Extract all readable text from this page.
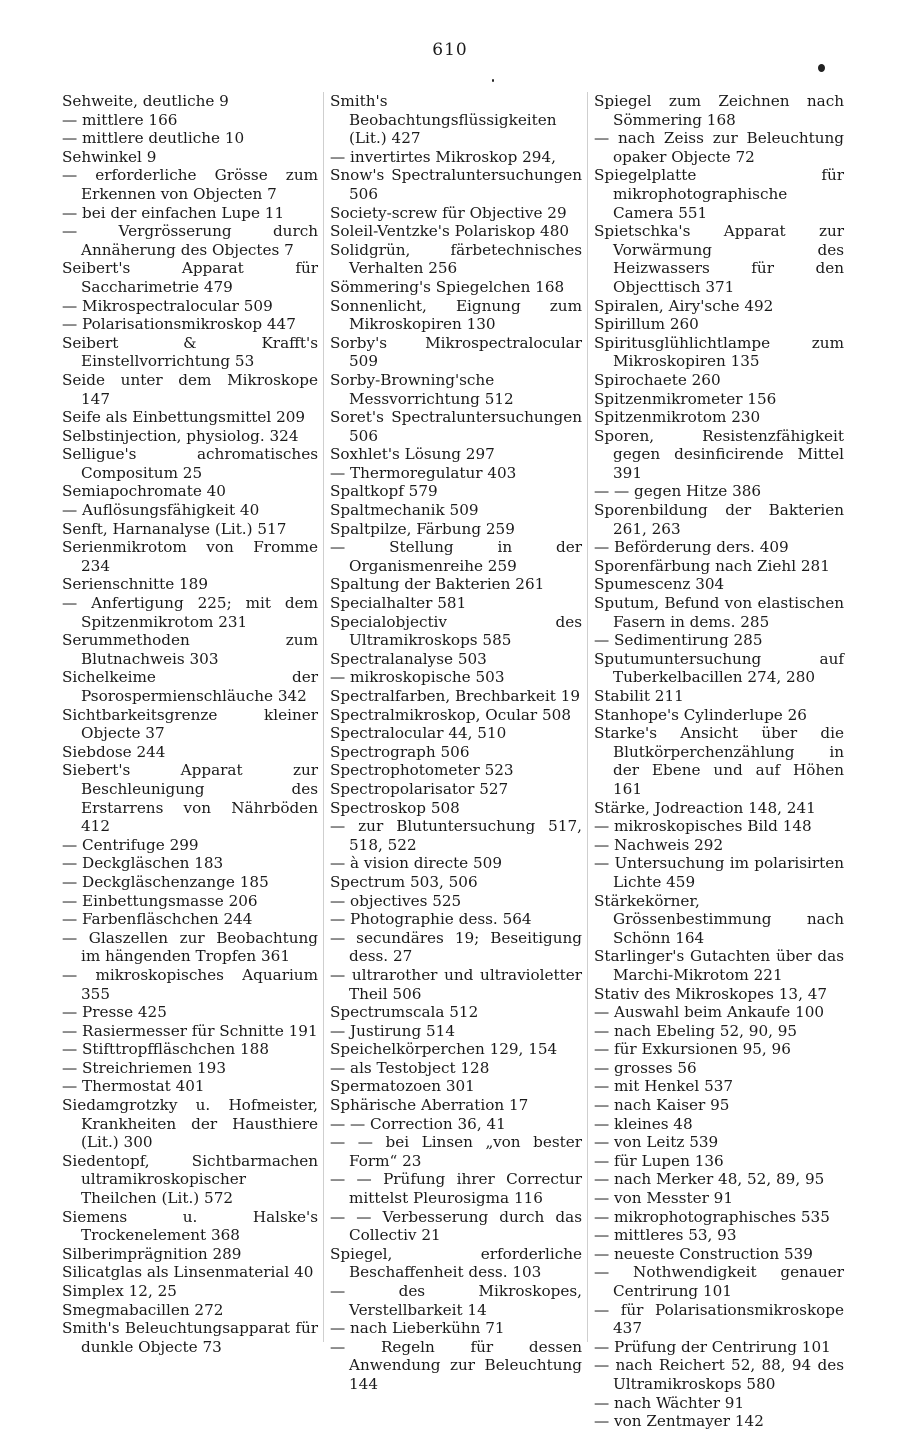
610
Sehweite, deutliche 9
— mittlere 166
— mittlere deutliche 10
Sehwinkel 9
— erforderliche Grösse zum Erkennen von Objecten 7
— bei der einfachen Lupe 11
— Vergrösserung durch Annäherung des Objectes 7
Seibert's Apparat für Saccharimetrie 479
— Mikrospectralocular 509
— Polarisationsmikroskop 447
Seibert & Krafft's Einstellvorrichtung 53
Seide unter dem Mikroskope 147
Seife als Einbettungsmittel 209
Selbstinjection, physiolog. 324
Selligue's achromatisches Compositum 25
Semiapochromate 40
— Auflösungsfähigkeit 40
Senft, Harnanalyse (Lit.) 517
Serienmikrotom von Fromme 234
Serienschnitte 189
— Anfertigung 225; mit dem Spitzenmikrotom 231
Serummethoden zum Blutnachweis 303
Sichelkeime der Psorospermienschläuche 342
Sichtbarkeitsgrenze kleiner Objecte 37
Siebdose 244
Siebert's Apparat zur Beschleunigung des Erstarrens von Nährböden 412
— Centrifuge 299
— Deckgläschen 183
— Deckgläschenzange 185
— Einbettungsmasse 206
— Farbenfläschchen 244
— Glaszellen zur Beobachtung im hängenden Tropfen 361
— mikroskopisches Aquarium 355
— Presse 425
— Rasiermesser für Schnitte 191
— Stifttropffläschchen 188
— Streichriemen 193
— Thermostat 401
Siedamgrotzky u. Hofmeister, Krankheiten der Hausthiere (Lit.) 300
Siedentopf, Sichtbarmachen ultramikroskopischer Theilchen (Lit.) 572
Siemens u. Halske's Trockenelement 368
Silberimprägnition 289
Silicatglas als Linsenmaterial 40
Simplex 12, 25
Smegmabacillen 272
Smith's Beleuchtungsapparat für dunkle Objecte 73
Smith's Beobachtungsflüssigkeiten (Lit.) 427
— invertirtes Mikroskop 294,
Snow's Spectraluntersuchungen 506
Society-screw für Objective 29
Soleil-Ventzke's Polariskop 480
Solidgrün, färbetechnisches Verhalten 256
Sömmering's Spiegelchen 168
Sonnenlicht, Eignung zum Mikroskopiren 130
Sorby's Mikrospectralocular 509
Sorby-Browning'sche Messvorrichtung 512
Soret's Spectraluntersuchungen 506
Soxhlet's Lösung 297
— Thermoregulatur 403
Spaltkopf 579
Spaltmechanik 509
Spaltpilze, Färbung 259
— Stellung in der Organismenreihe 259
Spaltung der Bakterien 261
Specialhalter 581
Specialobjectiv des Ultramikroskops 585
Spectralanalyse 503
— mikroskopische 503
Spectralfarben, Brechbarkeit 19
Spectralmikroskop, Ocular 508
Spectralocular 44, 510
Spectrograph 506
Spectrophotometer 523
Spectropolarisator 527
Spectroskop 508
— zur Blutuntersuchung 517, 518, 522
— à vision directe 509
Spectrum 503, 506
— objectives 525
— Photographie dess. 564
— secundäres 19; Beseitigung dess. 27
— ultrarother und ultravioletter Theil 506
Spectrumscala 512
— Justirung 514
Speichelkörperchen 129, 154
— als Testobject 128
Spermatozoen 301
Sphärische Aberration 17
— — Correction 36, 41
— — bei Linsen „von bester Form“ 23
— — Prüfung ihrer Correctur mittelst Pleurosigma 116
— — Verbesserung durch das Collectiv 21
Spiegel, erforderliche Beschaffenheit dess. 103
— des Mikroskopes, Verstellbarkeit 14
— nach Lieberkühn 71
— Regeln für dessen Anwendung zur Beleuchtung 144
Spiegel zum Zeichnen nach Sömmering 168
— nach Zeiss zur Beleuchtung opaker Objecte 72
Spiegelplatte für mikrophotographische Camera 551
Spietschka's Apparat zur Vorwärmung des Heizwassers für den Objecttisch 371
Spiralen, Airy'sche 492
Spirillum 260
Spiritusglühlichtlampe zum Mikroskopiren 135
Spirochaete 260
Spitzenmikrometer 156
Spitzenmikrotom 230
Sporen, Resistenzfähigkeit gegen desinficirende Mittel 391
— — gegen Hitze 386
Sporenbildung der Bakterien 261, 263
— Beförderung ders. 409
Sporenfärbung nach Ziehl 281
Spumescenz 304
Sputum, Befund von elastischen Fasern in dems. 285
— Sedimentirung 285
Sputumuntersuchung auf Tuberkelbacillen 274, 280
Stabilit 211
Stanhope's Cylinderlupe 26
Starke's Ansicht über die Blutkörperchenzählung in der Ebene und auf Höhen 161
Stärke, Jodreaction 148, 241
— mikroskopisches Bild 148
— Nachweis 292
— Untersuchung im polarisirten Lichte 459
Stärkekörner, Grössenbestimmung nach Schönn 164
Starlinger's Gutachten über das Marchi-Mikrotom 221
Stativ des Mikroskopes 13, 47
— Auswahl beim Ankaufe 100
— nach Ebeling 52, 90, 95
— für Exkursionen 95, 96
— grosses 56
— mit Henkel 537
— nach Kaiser 95
— kleines 48
— von Leitz 539
— für Lupen 136
— nach Merker 48, 52, 89, 95
— von Messter 91
— mikrophotographisches 535
— mittleres 53, 93
— neueste Construction 539
— Nothwendigkeit genauer Centrirung 101
— für Polarisationsmikroskope 437
— Prüfung der Centrirung 101
— nach Reichert 52, 88, 94 des Ultramikroskops 580
— nach Wächter 91
— von Zentmayer 142
